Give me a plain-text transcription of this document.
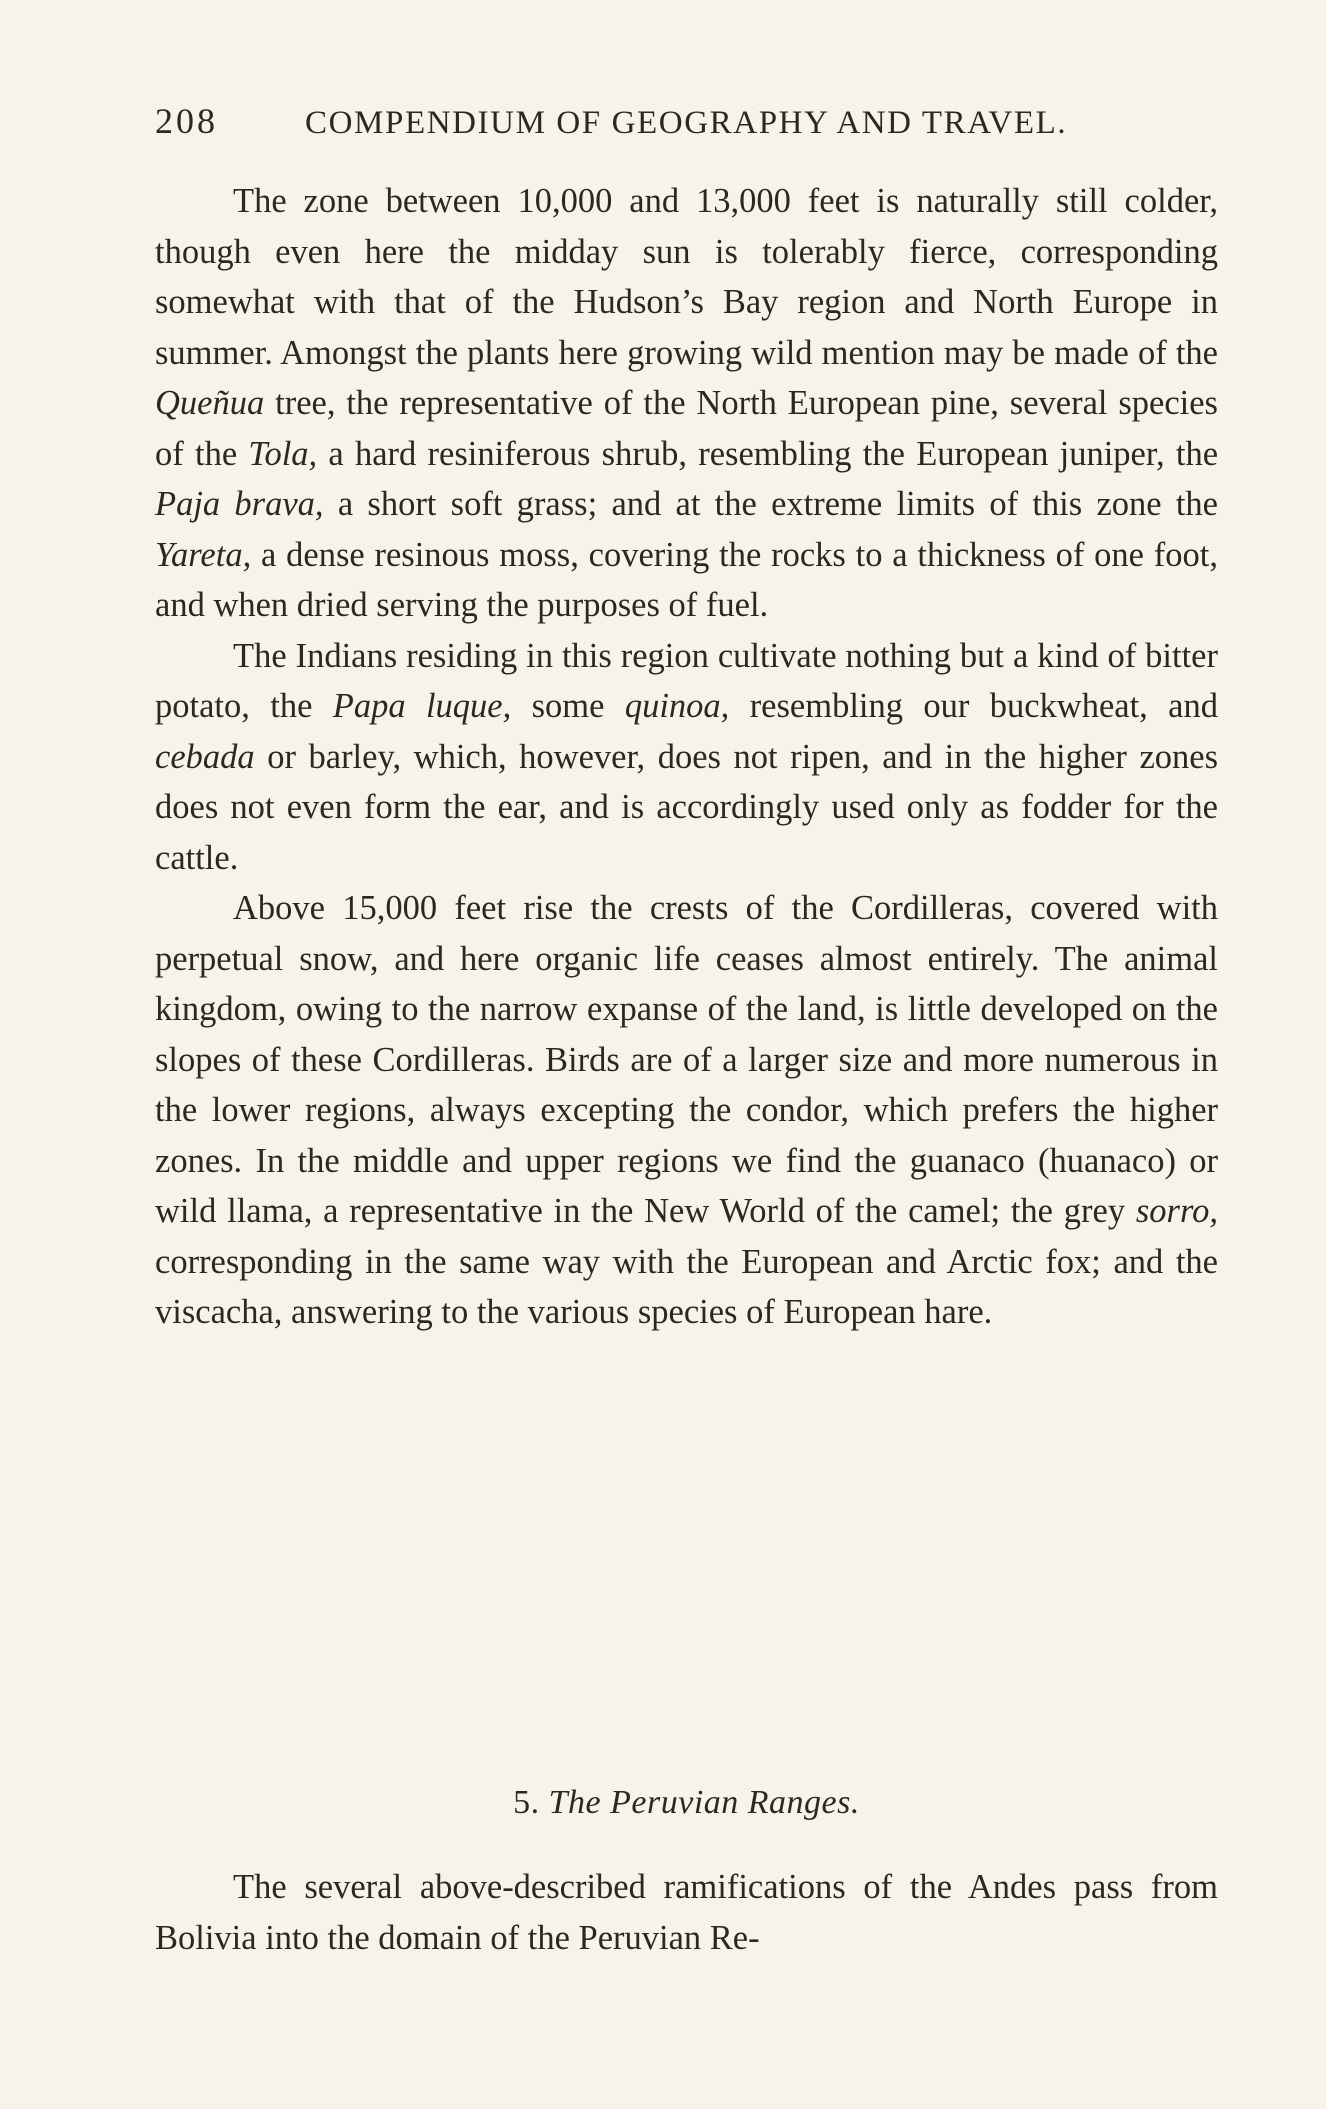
208	COMPENDIUM OF GEOGRAPHY AND TRAVEL.

The zone between 10,000 and 13,000 feet is naturally still colder, though even here the midday sun is tolerably fierce, corresponding somewhat with that of the Hudson’s Bay region and North Europe in summer. Amongst the plants here growing wild mention may be made of the Queñua tree, the representative of the North European pine, several species of the Tola, a hard resiniferous shrub, resembling the European juniper, the Paja brava, a short soft grass; and at the extreme limits of this zone the Yareta, a dense resinous moss, covering the rocks to a thickness of one foot, and when dried serving the purposes of fuel.

The Indians residing in this region cultivate nothing but a kind of bitter potato, the Papa luque, some quinoa, resembling our buckwheat, and cebada or barley, which, however, does not ripen, and in the higher zones does not even form the ear, and is accordingly used only as fodder for the cattle.

Above 15,000 feet rise the crests of the Cordilleras, covered with perpetual snow, and here organic life ceases almost entirely. The animal kingdom, owing to the narrow expanse of the land, is little developed on the slopes of these Cordilleras. Birds are of a larger size and more numerous in the lower regions, always excepting the condor, which prefers the higher zones. In the middle and upper regions we find the guanaco (huanaco) or wild llama, a representative in the New World of the camel; the grey sorro, corresponding in the same way with the European and Arctic fox; and the viscacha, answering to the various species of European hare.

5. The Peruvian Ranges.

The several above-described ramifications of the Andes pass from Bolivia into the domain of the Peruvian Re-
